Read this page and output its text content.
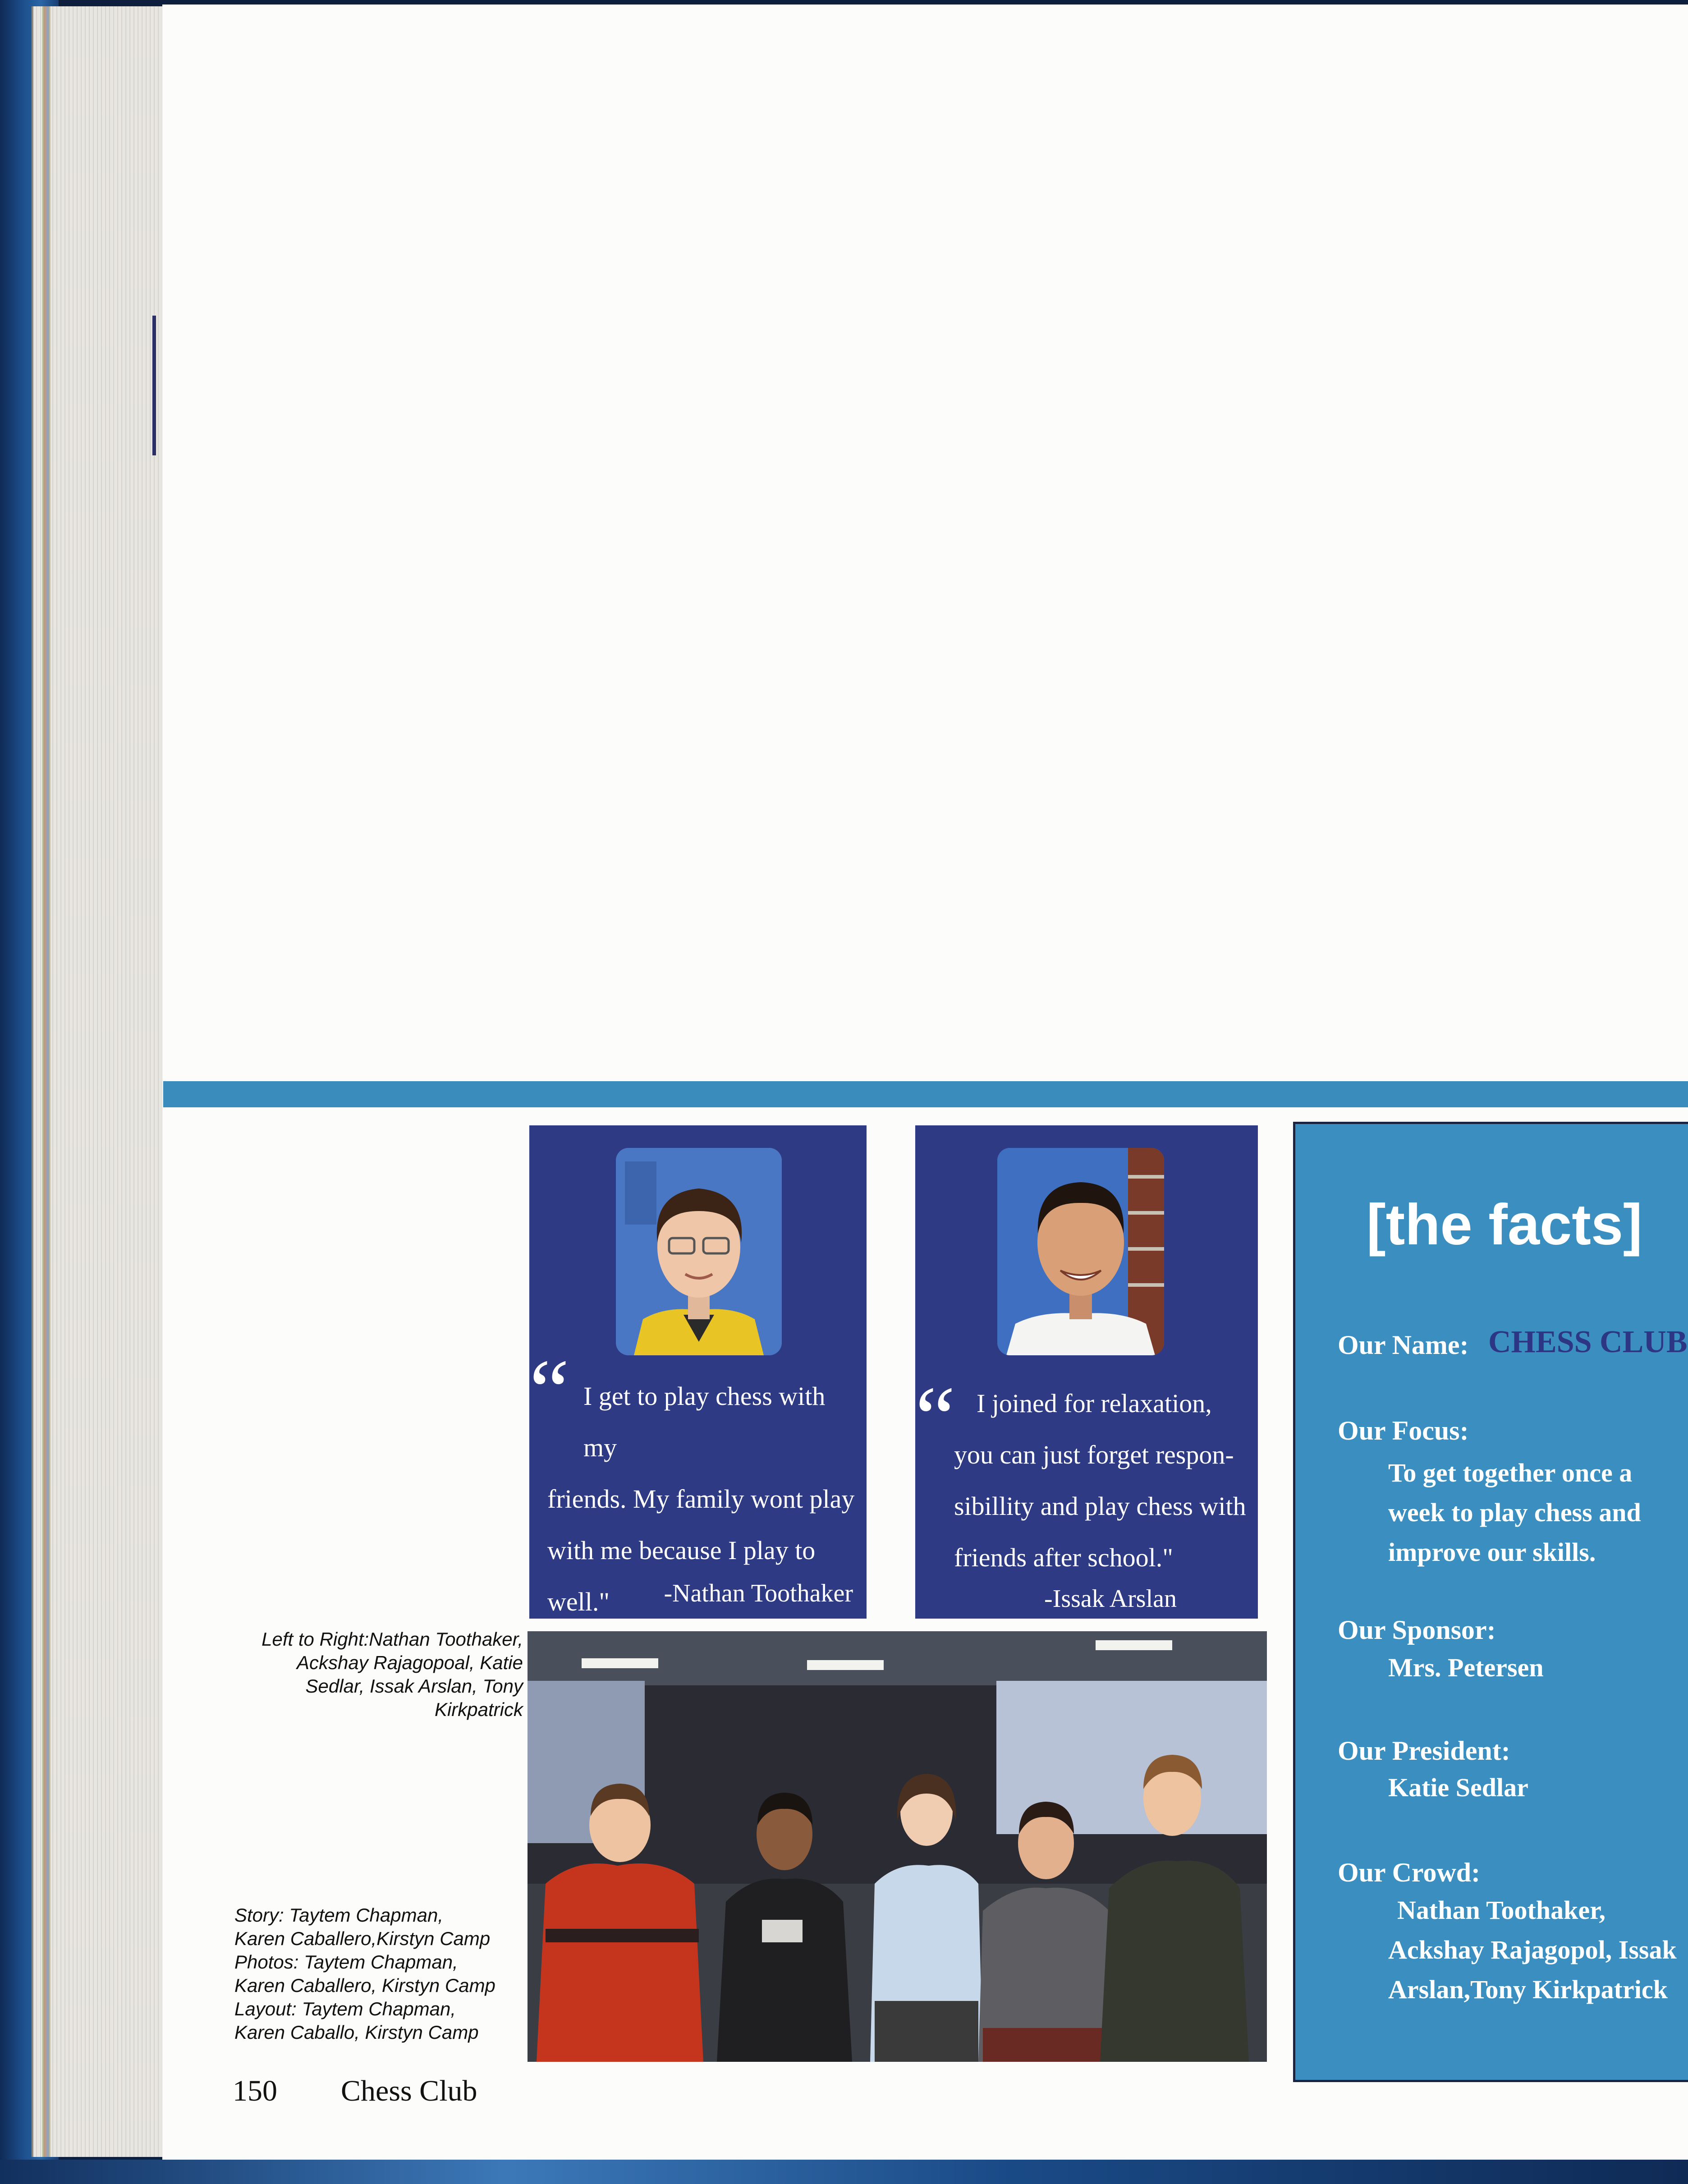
“ I get to play chess with my
friends. My family wont play
with me because I play to
well."	-Nathan Toothaker
“ I joined for relaxation,
you can just forget respon-
sibillity and play chess with
friends after school."
-Issak Arslan
Left to Right:Nathan Toothaker,
Ackshay Rajagopoal, Katie
Sedlar, Issak Arslan, Tony
Kirkpatrick
Story: Taytem Chapman,
Karen Caballero,Kirstyn Camp
Photos: Taytem Chapman,
Karen Caballero, Kirstyn Camp
Layout: Taytem Chapman,
Karen Caballo, Kirstyn Camp
150 Chess Club
[the facts]
Our Name: CHESS CLUB
Our Focus:
To get together once a
week to play chess and
improve our skills.
Our Sponsor:
Mrs. Petersen
Our President:
Katie Sedlar
Our Crowd:
Nathan Toothaker,
Ackshay Rajagopol, Issak
Arslan,Tony Kirkpatrick
